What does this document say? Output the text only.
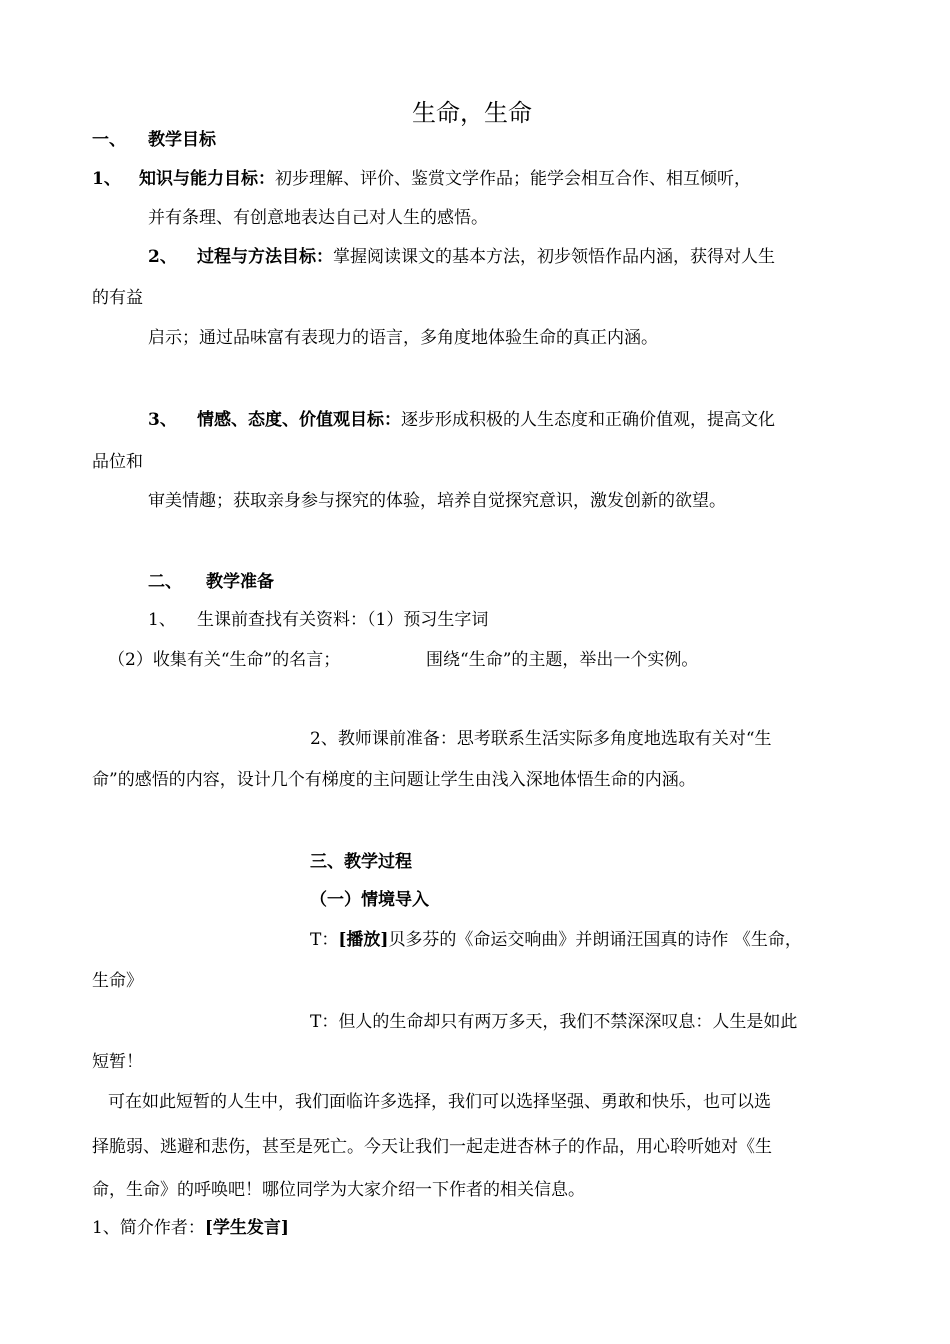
生命，生命
一、 教学目标
1、 知识与能力目标：初步理解、评价、鉴赏文学作品；能学会相互合作、相互倾听，
并有条理、有创意地表达自己对人生的感悟。
2、 过程与方法目标：掌握阅读课文的基本方法，初步领悟作品内涵，获得对人生
的有益
启示；通过品味富有表现力的语言，多角度地体验生命的真正内涵。
3、 情感、态度、价值观目标：逐步形成积极的人生态度和正确价值观，提高文化
品位和
审美情趣；获取亲身参与探究的体验，培养自觉探究意识，激发创新的欲望。
二、 教学准备
1、 生课前查找有关资料：（1）预习生字词
（2）收集有关“生命”的名言；	围绕“生命”的主题，举出一个实例。
2、教师课前准备：思考联系生活实际多角度地选取有关对“生
命”的感悟的内容，设计几个有梯度的主问题让学生由浅入深地体悟生命的内涵。
三、教学过程
（一）情境导入
T：[播放]贝多芬的《命运交响曲》并朗诵汪国真的诗作 《生命，
生命》
T：但人的生命却只有两万多天，我们不禁深深叹息：人生是如此
短暂！
可在如此短暂的人生中，我们面临许多选择，我们可以选择坚强、勇敢和快乐，也可以选
择脆弱、逃避和悲伤，甚至是死亡。今天让我们一起走进杏林子的作品，用心聆听她对《生
命，生命》的呼唤吧！哪位同学为大家介绍一下作者的相关信息。
1、简介作者：[学生发言]
